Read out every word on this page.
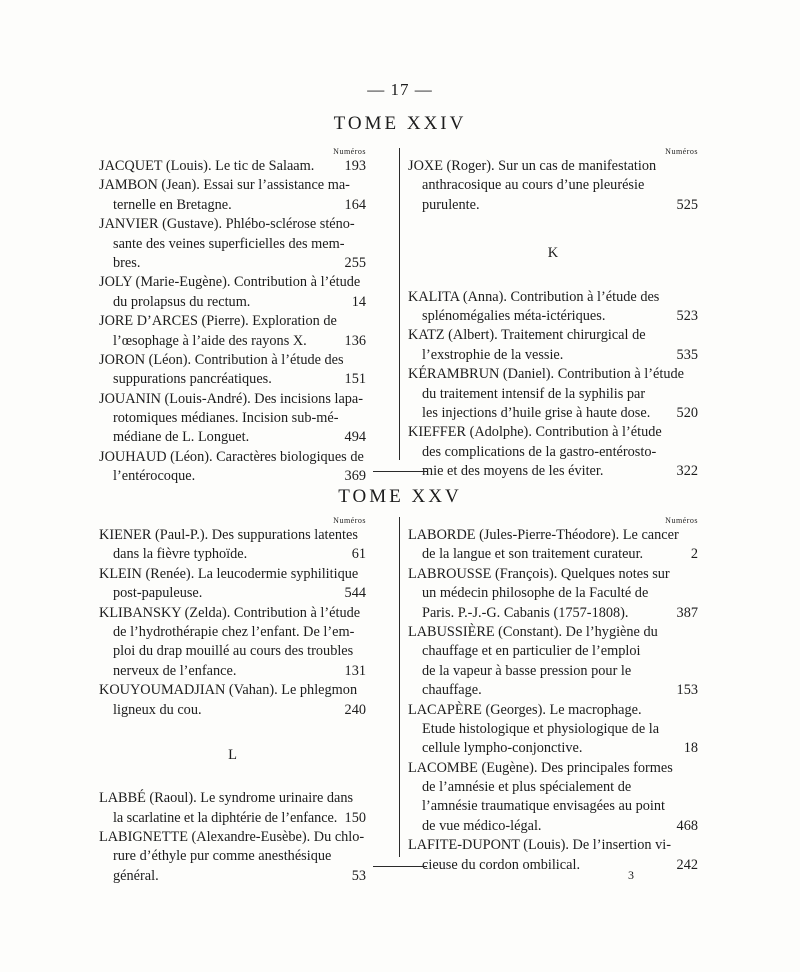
— 17 —
TOME XXIV
Numéros
JACQUET (Louis). Le tic de Salaam. 193
JAMBON (Jean). Essai sur l’assistance ma-
ternelle en Bretagne.	164
JANVIER (Gustave). Phlébo-sclérose sténo-
sante des veines superficielles des mem-
bres.	255
JOLY (Marie-Eugène). Contribution à l’étude
du prolapsus du rectum.	14
JORE D’ARCES (Pierre). Exploration de
l’œsophage à l’aide des rayons X.	136
JORON (Léon). Contribution à l’étude des
suppurations pancréatiques.	151
JOUANIN (Louis-André). Des incisions lapa-
rotomiques médianes. Incision sub-mé-
médiane de L. Longuet.	494
JOUHAUD (Léon). Caractères biologiques de
l’entérocoque.	369
Numéros
JOXE (Roger). Sur un cas de manifestation
anthracosique au cours d’une pleurésie
purulente.	525
K
KALITA (Anna). Contribution à l’étude des
splénomégalies méta-ictériques.	523
KATZ (Albert). Traitement chirurgical de
l’exstrophie de la vessie.	535
KÉRAMBRUN (Daniel). Contribution à l’étude
du traitement intensif de la syphilis par
les injections d’huile grise à haute dose. 520
KIEFFER (Adolphe). Contribution à l’étude
des complications de la gastro-entérosto-
mie et des moyens de les éviter.	322
TOME XXV
Numéros
KIENER (Paul-P.). Des suppurations latentes
dans la fièvre typhoïde.	61
KLEIN (Renée). La leucodermie syphilitique
post-papuleuse.	544
KLIBANSKY (Zelda). Contribution à l’étude
de l’hydrothérapie chez l’enfant. De l’em-
ploi du drap mouillé au cours des troubles
nerveux de l’enfance.	131
KOUYOUMADJIAN (Vahan). Le phlegmon
ligneux du cou.	240
L
LABBÉ (Raoul). Le syndrome urinaire dans
la scarlatine et la diphtérie de l’enfance. 150
LABIGNETTE (Alexandre-Eusèbe). Du chlo-
rure d’éthyle pur comme anesthésique
général.	53
Numéros
LABORDE (Jules-Pierre-Théodore). Le cancer
de la langue et son traitement curateur.	2
LABROUSSE (François). Quelques notes sur
un médecin philosophe de la Faculté de
Paris. P.-J.-G. Cabanis (1757-1808).	387
LABUSSIÈRE (Constant). De l’hygiène du
chauffage et en particulier de l’emploi
de la vapeur à basse pression pour le
chauffage.	153
LACAPÈRE (Georges). Le macrophage.
Etude histologique et physiologique de la
cellule lympho-conjonctive.	18
LACOMBE (Eugène). Des principales formes
de l’amnésie et plus spécialement de
l’amnésie traumatique envisagées au point
de vue médico-légal.	468
LAFITE-DUPONT (Louis). De l’insertion vi-
cieuse du cordon ombilical.	242
3
